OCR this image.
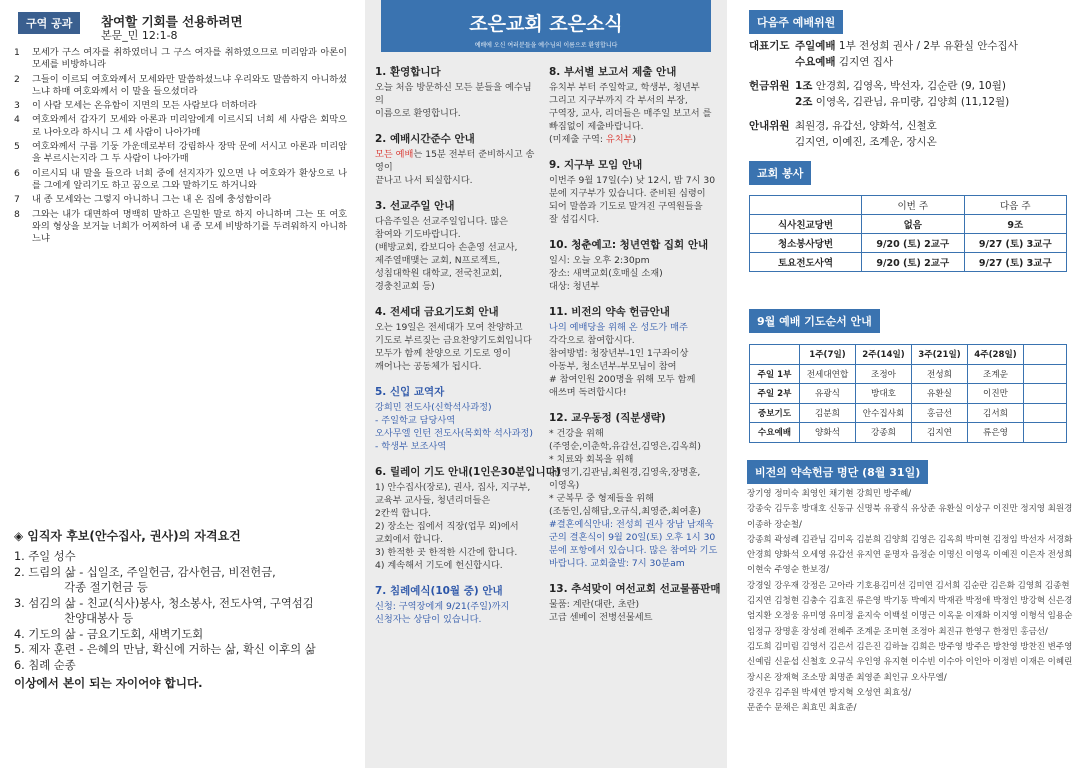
구역 공과	참여할 기회를 선용하려면
본문_민 12:1-8
1	모세가 구스 여자를 취하였더니 그 구스 여자를 취하였으므로 미리암과 아론이 모세를 비방하니라
2	그들이 이르되 여호와께서 모세와만 말씀하셨느냐 우리와도 말씀하지 아니하셨느냐 하매 여호와께서 이 말을 들으셨더라
3	이 사람 모세는 온유함이 지면의 모든 사람보다 더하더라
4	여호와께서 갑자기 모세와 아론과 미리암에게 이르시되 너희 세 사람은 회막으로 나아오라 하시니 그 세 사람이 나아가매
5	여호와께서 구름 기둥 가운데로부터 강림하사 장막 문에 서시고 아론과 미리암을 부르시는지라 그 두 사람이 나아가매
6	이르시되 내 말을 들으라 너희 중에 선지자가 있으면 나 여호와가 환상으로 나를 그에게 알리기도 하고 꿈으로 그와 말하기도 하거니와
7	내 종 모세와는 그렇지 아니하니 그는 내 온 집에 충성함이라
8	그와는 내가 대면하여 명백히 말하고 은밀한 말로 하지 아니하며 그는 또 여호와의 형상을 보거늘 너희가 어찌하여 내 종 모세 비방하기를 두려워하지 아니하느냐
◈ 임직자 후보(안수집사, 권사)의 자격요건
1. 주일 성수
2. 드림의 삶 - 십일조, 주일헌금, 감사헌금, 비전헌금,
각종 절기헌금 등
3. 섬김의 삶 - 친교(식사)봉사, 청소봉사, 전도사역, 구역섬김
찬양대봉사 등
4. 기도의 삶 - 금요기도회, 새벽기도회
5. 제자 훈련 - 은혜의 만남, 확신에 거하는 삶, 확신 이후의 삶
6. 침례 순종
이상에서 본이 되는 자이어야 합니다.
조은교회 조은소식
예배에 오신 여러분들을 예수님의 이름으로 환영합니다
1. 환영합니다
오늘 처음 방문하신 모든 분들을 예수님의
이름으로 환영합니다.
2. 예배시간준수 안내
모든 예배는 15분 전부터 준비하시고 송영이
끝나고 나서 퇴실합시다.
3. 선교주일 안내
다음주일은 선교주일입니다. 많은
참여와 기도바랍니다.
(배방교회, 캄보디아 손춘영 선교사,
제주열매맺는 교회, N프로젝트,
성침대학원 대학교, 전국친교회,
경충친교회 등)
4. 전세대 금요기도회 안내
오는 19일은 전세대가 모여 찬양하고
기도로 부르짖는 금요찬양기도회입니다
모두가 함께 찬양으로 기도로 영이
깨어나는 공동체가 됩시다.
5. 신입 교역자
강희민 전도사(신학석사과정)
- 주일학교 담당사역
오사무엘 인턴 전도사(목회학 석사과정)
- 학생부 보조사역
6. 릴레이 기도 안내(1인은30분입니다)
1) 안수집사(장로), 권사, 집사, 지구부,
교육부 교사들, 청년리더들은
2칸씩 합니다.
2) 장소는 집에서 직장(업무 외)에서
교회에서 합니다.
3) 한적한 곳 한적한 시간에 합니다.
4) 계속해서 기도에 헌신합시다.
7. 침례예식(10월 중) 안내
신청: 구역장에게 9/21(주일)까지
신청자는 상담이 있습니다.
8. 부서별 보고서 제출 안내
유치부 부터 주일학교, 학생부, 청년부
그리고 지구부까지 각 부서의 부장,
구역장, 교사, 리더들은 매주일 보고서 를
빠짐없이 제출바랍니다.
(미제출 구역: 유치부)
9. 지구부 모임 안내
이번주 9월 17일(수) 낮 12시, 밤 7시 30
분에 지구부가 있습니다. 준비된 심령이
되어 말씀과 기도로 말겨진 구역원들을
잘 섬깁시다.
10. 청춘예고: 청년연합 집회 안내
일시: 오늘 오후 2:30pm
장소: 새벽교회(호매실 소재)
대상: 청년부
11. 비전의 약속 헌금안내
나의 예배당을 위해 온 성도가 매주
각각으로 참여합시다.
참여방법: 청장년부-1인 1구좌이상
아동부, 청소년부-부모님이 참여
# 참여인원 200명을 위해 모두 함께
애쓰며 독려합시다!
12. 교우동정 (직분생략)
* 건강을 위해
(주영순,이춘학,유갑선,김영은,김옥희)
* 치료와 회복을 위해
(권영기,김관님,최원경,김영욱,장명훈,
이영옥)
* 군복무 중 형제들을 위해
(조동인,심해담,오규식,최영준,최여훈)
#결혼예식안내: 전성희 권사 장남 남재욱
군의 결혼식이 9월 20일(토) 오후 1시 30
분에 포항에서 있습니다. 많은 참여와 기도
바랍니다. 교회출발: 7시 30분am
13. 추석맞이 여선교회 선교물품판매
물품: 계란(대란, 초란)
고급 센베이 전병선물세트
다음주 예배위원
대표기도 주일예배 1부 전성희 권사 / 2부 유환실 안수집사
수요예배 김지연 집사
헌금위원 1조 안경희, 김영옥, 박선자, 김순란 (9, 10월)
2조 이영옥, 김관님, 유미량, 김양희 (11,12월)
안내위원 최원경, 유갑선, 양화석, 신철호
김지연, 이예진, 조계운, 장시온
교회 봉사
	이번 주	다음 주
식사친교당번	없음	9조
청소봉사당번	9/20 (토) 2교구	9/27 (토) 3교구
토요전도사역	9/20 (토) 2교구	9/27 (토) 3교구
9월 예배 기도순서 안내
	1주(7일)	2주(14일)	3주(21일)	4주(28일)	
주일 1부	전세대연합	조정아	전성희	조계운	
주일 2부	유광식	방대호	유환실	이진만	
중보기도	김분희	안수집사회	홍금선	김서희	
수요예배	양화석	강종희	김지연	류은영	
비전의 약속헌금 명단 (8월 31일)
장기영 정미숙 최영인 채기현 강희민 방주혜/
강종숙 김두홍 방대호 신동규 신명북 유광식 유상준 유환실 이상구 이진만 정지영 최원경
이종하 장순철/
강종희 곽성례 김관님 김미옥 김분희 김양희 김영은 김옥희 박미현 김정임 박선자 서경화
안경희 양화석 오세영 유갑선 유지연 윤명자 음정순 이명신 이영옥 이예진 이은자 전성희
이현숙 주영순 한보경/
강경일 강우재 강정은 고아라 기호용김미선 김미연 김서희 김순란 김은화 김영희 김종현
김지연 김청현 김충수 김효진 류은영 박기동 박예지 박재관 박정애 박정인 방강혁 신은경
엄지환 오정웅 유미영 유미정 윤지숙 이백설 이명근 이옥윤 이재화 이지영 이형석 임용순
임정규 장명훈 장성례 전혜주 조계운 조미현 조정아 최진규 한영구 한정민 홍금선/
김도희 김미림 김영서 김은서 김은진 김하늘 김희은 방주영 방주은 방찬영 방찬진 변주영
신예림 신윤섭 신철호 오규식 우인영 유지현 이수빈 이수아 이인아 이정빈 이재은 이혜린
장시온 장재혁 조소망 최명준 최영준 최인규 오사무엘/
강진우 김주원 박세연 방지혁 오성연 최효성/
문준수 문채은 최효민 최효준/
